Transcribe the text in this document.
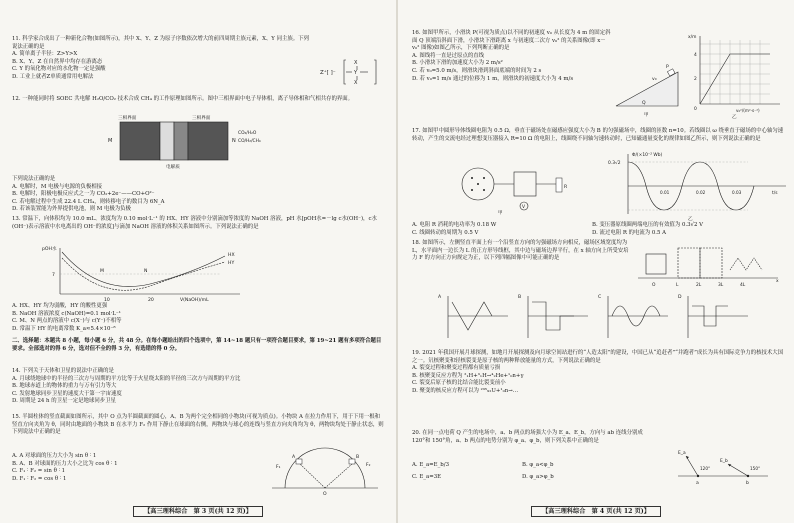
11. 科学家合成出了一种新化合物(如图所示)，其中 X、Y、Z 为原子序数依次增大的前四周期主族元素，X、Y 同主族。下列说法正确的是

A. 简单离子半径：Z>Y>X

B. X、Y、Z 在自然界中均存在游离态

C. Y 的氧化物对应的水化物一定是强酸

D. 工业上就者Z单质通常用电解法

Z⁺[ ]⁻
X
Y
X

12. 一种能同时将 SOEC 共电解 H₂O/CO₂ 技术合成 CH₄ 的工作原理如图所示。图中三相界面中电子导体相，离子导体相和气相共存的界面。

三相界面	三相界面
电解质
M	N
CO₂/H₂O
CO/H₂/CH₄

下列说法正确的是

A. 电解时，M 电极与电源的负极相接

B. 电解时，阳极电极反应式之一为 CO₂+2e⁻——CO+O²⁻

C. 若电解过程中生成 22.4 L CH₄，则转移电子的数目为 6N_A

D. 若该装置能为外界提供电池，则 M 电极为负极

13. 常温下，向体积均为 10.0 mL、浓度均为 0.10 mol·L⁻¹ 的 HX、HY 溶液中分别滴加等浓度的 NaOH 溶液，pH 水[pOH水=－lg c水(OH⁻)，c水(OH⁻)表示溶液中水电离出的 OH⁻的浓度]与滴加 NaOH 溶液的体积关系如图所示。下列说法正确的是

pOH水
V(NaOH)/mL
7
10	20
HX
HY
M	N

A. HX、HY 均为弱酸，HY 的酸性更强

B. NaOH 溶液浓度 c(NaOH)=0.1 mol·L⁻¹

C. M、N 两点的溶液中 c(X⁻)与 c(Y⁻)不相等

D. 常温下 HY 的电离常数 K_a≈5.4×10⁻⁸

二、选择题：本题共 8 小题，每小题 6 分，共 48 分。在每小题给出的四个选项中，第 14~18 题只有一项符合题目要求，第 19~21 题有多项符合题目要求。全部选对的得 6 分，选对但不全的得 3 分，有选错的得 0 分。

14. 下列关于天体和卫星的说法中正确的是

A. 月球绕地球中的半径的三次方与周期的平方比等于火星绕太阳的半径的三次方与周期的平方比

B. 地球赤道上的物体的重力与万有引力等大

C. 发射地球同步卫星的速度大于第一宇宙速度

D. 周期是 24 h 的卫星一定是地球同步卫星

15. 半圆柱体的竖直截面如图所示，其中 O 点为半圆截面的圆心，A、B 为两个完全相同的小物块(可视为质点)。小物块 A 在拉力作用下，用于下用一根和竖直方向夹角为 θ，同时由地面的小物块 B 在水平力 F₂ 作用下静止在球面的右侧，两物块与球心的连线与竖直方向夹角均为 θ，两物块均处于静止状态，则下列说法中正确的是

A. A 对球面的压力大小为 sin θ ∶ 1

B. A、B 对球面的压力大小之比为 cos θ ∶ 1

C. F₁ ∶ F₂ = sin θ ∶ 1

D. F₁ ∶ F₂ = cos θ ∶ 1

A	B
O
F₁	F₂
【高三理科综合　第 3 页(共 12 页)】

16. 如图甲所示，小滑块 P(可视为质点)以不同的初速度 v₀ 从长度为 4 m 的固定斜面 Q 顶端沿斜面下滑，小滑块下滑距离 x 与初速度二次方 v₀² 的关系图像(即 x－v₀² 图像)如图乙所示，下列判断正确的是

A. 图线将一直是过原点的直线

B. 小滑块下滑的加速度大小为 2 m/s²

C. 若 v₀=5.0 m/s，则滑块滑到斜面底端的时间为 2 s

D. 若 v₀=1 m/s 通过的位移为 1 m，则滑块的初速度大小为 4 m/s

P
v₀
Q
甲
x/m
v₀²/(m²·s⁻²)
乙
4
2
0

17. 如图甲中圆形导体线圈电阻为 0.5 Ω，垂直于磁场处在磁感应强度大小为 B 的匀强磁场中，线圈的匝数 n=10。若线圈以 ω 绕垂直于磁场的中心轴匀速转动，产生的交流电经过理想变压器接入 R=10 Ω 的电阻上，线圈绕不同轴匀速转动时，已知磁通量变化的规律如图乙所示，则下列说法正确的是

R
V
甲
Φ/(×10⁻² Wb)
t/s
0.3√2
0.01	0.02	0.03
乙

A. 电阻 R 消耗的电功率为 0.18 W	B. 变压器原线圈两端电压的有效值为 0.3√2 V

C. 线圈转动的周期为 0.5 V	D. 流过电阻 R 的电流为 0.5 A

18. 如图所示，左侧竖直平面上有一个沿竖直方向的匀强磁场方向相反，磁场区域宽度均为 L，水平面内一边长为 L 的正方形导线框，其中边与磁场边界平行，在 x 轴方向上所受安培力 F 的方向正方向规定为正，以下列四幅图像中可能正确的是

O	L	2L	3L	4L
x
A	B	C	D

19. 2021 年我国开展月球探测，如地月开展探测及向月球空间站进行的“人造太阳”的建设，中国已从“追赶者”“并跑者”成长为具有国际竞争力的核技术大国之一。氘核聚变和轻核裂变是原子核的两种释放能量的方式，下列说法正确的是

A. 裂变过程和聚变过程都有质量亏损

B. 核聚变反应方程为 ²₁H+³₁H→⁴₂He+¹₀n+γ

C. 裂变后原子核的比结合能比裂变前小

D. 聚变的核反应方程可以为 ²³⁵₉₂U+¹₀n→…

20. 在同一点电荷 Q 产生的电场中，a、b 两点的场强大小为 E_a、E_b，方向与 ab 连线分别成 120°和 150°角，a、b 两点的电势分别为 φ_a、φ_b，则下列关系中正确的是

A. E_a=E_b/3	B. φ_a<φ_b

C. E_a=3E	D. φ_a>φ_b

a	b
120°	150°
E_a
E_b
【高三理科综合　第 4 页(共 12 页)】
